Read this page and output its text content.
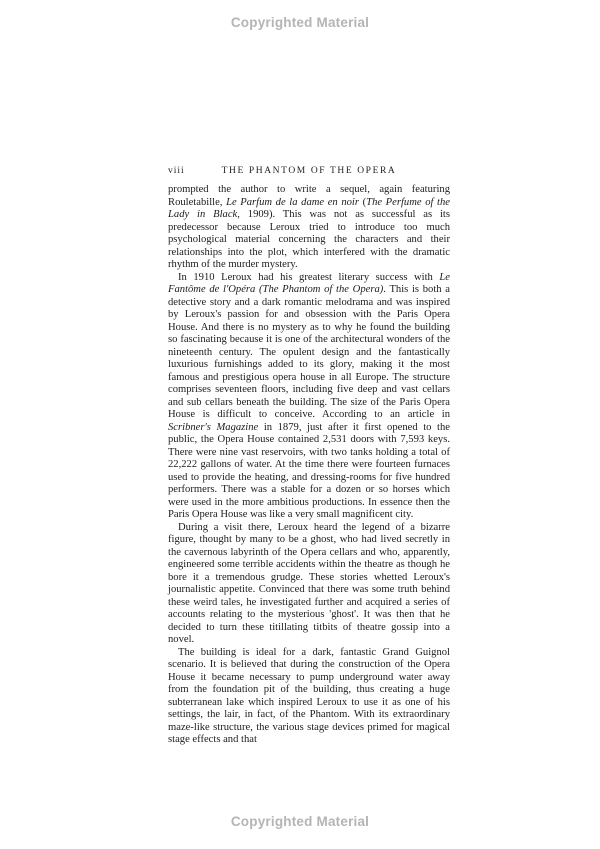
Copyrighted Material
viii	THE PHANTOM OF THE OPERA

prompted the author to write a sequel, again featuring Rouletabille, Le Parfum de la dame en noir (The Perfume of the Lady in Black, 1909). This was not as successful as its predecessor because Leroux tried to introduce too much psychological material concerning the characters and their relationships into the plot, which interfered with the dramatic rhythm of the murder mystery.

In 1910 Leroux had his greatest literary success with Le Fantôme de l'Opéra (The Phantom of the Opera). This is both a detective story and a dark romantic melodrama and was inspired by Leroux's passion for and obsession with the Paris Opera House. And there is no mystery as to why he found the building so fascinating because it is one of the architectural wonders of the nineteenth century. The opulent design and the fantastically luxurious furnishings added to its glory, making it the most famous and prestigious opera house in all Europe. The structure comprises seventeen floors, including five deep and vast cellars and sub cellars beneath the building. The size of the Paris Opera House is difficult to conceive. According to an article in Scribner's Magazine in 1879, just after it first opened to the public, the Opera House contained 2,531 doors with 7,593 keys. There were nine vast reservoirs, with two tanks holding a total of 22,222 gallons of water. At the time there were fourteen furnaces used to provide the heating, and dressing-rooms for five hundred performers. There was a stable for a dozen or so horses which were used in the more ambitious productions. In essence then the Paris Opera House was like a very small magnificent city.

During a visit there, Leroux heard the legend of a bizarre figure, thought by many to be a ghost, who had lived secretly in the cavernous labyrinth of the Opera cellars and who, apparently, engineered some terrible accidents within the theatre as though he bore it a tremendous grudge. These stories whetted Leroux's journalistic appetite. Convinced that there was some truth behind these weird tales, he investigated further and acquired a series of accounts relating to the mysterious 'ghost'. It was then that he decided to turn these titillating titbits of theatre gossip into a novel.

The building is ideal for a dark, fantastic Grand Guignol scenario. It is believed that during the construction of the Opera House it became necessary to pump underground water away from the foundation pit of the building, thus creating a huge subterranean lake which inspired Leroux to use it as one of his settings, the lair, in fact, of the Phantom. With its extraordinary maze-like structure, the various stage devices primed for magical stage effects and that

Copyrighted Material
